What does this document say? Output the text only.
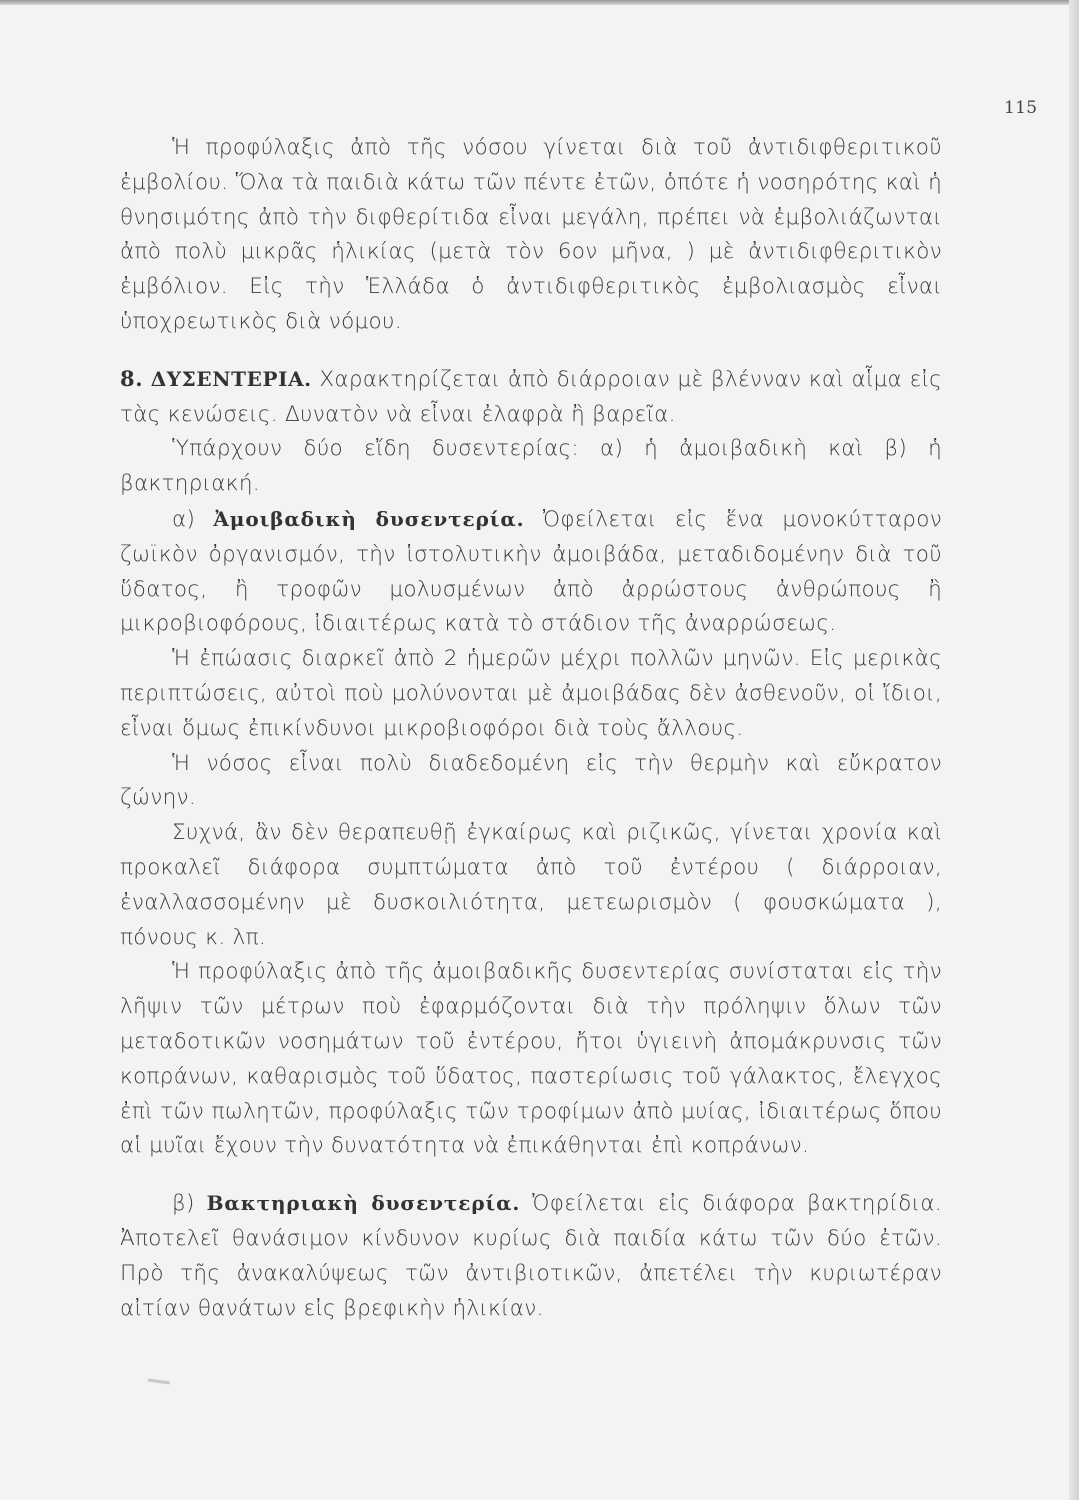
115

Ἡ προφύλαξις ἀπὸ τῆς νόσου γίνεται διὰ τοῦ ἀντιδιφθεριτικοῦ ἐμβολίου. Ὅλα τὰ παιδιὰ κάτω τῶν πέντε ἐτῶν, ὁπότε ἡ νοσηρότης καὶ ἡ θνησιμότης ἀπὸ τὴν διφθερίτιδα εἶναι μεγάλη, πρέπει νὰ ἐμβολιάζωνται ἀπὸ πολὺ μικρᾶς ἡλικίας (μετὰ τὸν 6ον μῆνα, ) μὲ ἀντιδιφθεριτικὸν ἐμβόλιον. Εἰς τὴν Ἑλλάδα ὁ ἀντιδιφθεριτικὸς ἐμβολιασμὸς εἶναι ὑποχρεωτικὸς διὰ νόμου.

8. ΔΥΣΕΝΤΕΡΙΑ. Χαρακτηρίζεται ἀπὸ διάρροιαν μὲ βλένναν καὶ αἷμα εἰς τὰς κενώσεις. Δυνατὸν νὰ εἶναι ἐλαφρὰ ἢ βαρεῖα.

Ὑπάρχουν δύο εἴδη δυσεντερίας: α) ἡ ἀμοιβαδικὴ καὶ β) ἡ βακτηριακή.

α) Ἀμοιβαδικὴ δυσεντερία. Ὀφείλεται εἰς ἕνα μονοκύτταρον ζωϊκὸν ὀργανισμόν, τὴν ἱστολυτικὴν ἀμοιβάδα, μεταδιδομένην διὰ τοῦ ὕδατος, ἢ τροφῶν μολυσμένων ἀπὸ ἀρρώστους ἀνθρώπους ἢ μικροβιοφόρους, ἰδιαιτέρως κατὰ τὸ στάδιον τῆς ἀναρρώσεως.

Ἡ ἐπώασις διαρκεῖ ἀπὸ 2 ἡμερῶν μέχρι πολλῶν μηνῶν. Εἰς μερικὰς περιπτώσεις, αὐτοὶ ποὺ μολύνονται μὲ ἀμοιβάδας δὲν ἀσθενοῦν, οἱ ἴδιοι, εἶναι ὅμως ἐπικίνδυνοι μικροβιοφόροι διὰ τοὺς ἄλλους.

Ἡ νόσος εἶναι πολὺ διαδεδομένη εἰς τὴν θερμὴν καὶ εὔκρατον ζώνην.

Συχνά, ἂν δὲν θεραπευθῇ ἐγκαίρως καὶ ριζικῶς, γίνεται χρονία καὶ προκαλεῖ διάφορα συμπτώματα ἀπὸ τοῦ ἐντέρου ( διάρροιαν, ἐναλλασσομένην μὲ δυσκοιλιότητα, μετεωρισμὸν ( φουσκώματα ), πόνους κ. λπ.

Ἡ προφύλαξις ἀπὸ τῆς ἀμοιβαδικῆς δυσεντερίας συνίσταται εἰς τὴν λῆψιν τῶν μέτρων ποὺ ἐφαρμόζονται διὰ τὴν πρόληψιν ὅλων τῶν μεταδοτικῶν νοσημάτων τοῦ ἐντέρου, ἤτοι ὑγιεινὴ ἀπομάκρυνσις τῶν κοπράνων, καθαρισμὸς τοῦ ὕδατος, παστερίωσις τοῦ γάλακτος, ἔλεγχος ἐπὶ τῶν πωλητῶν, προφύλαξις τῶν τροφίμων ἀπὸ μυίας, ἰδιαιτέρως ὅπου αἱ μυῖαι ἔχουν τὴν δυνατότητα νὰ ἐπικάθηνται ἐπὶ κοπράνων.

β) Βακτηριακὴ δυσεντερία. Ὀφείλεται εἰς διάφορα βακτηρίδια. Ἀποτελεῖ θανάσιμον κίνδυνον κυρίως διὰ παιδία κάτω τῶν δύο ἐτῶν. Πρὸ τῆς ἀνακαλύψεως τῶν ἀντιβιοτικῶν, ἀπετέλει τὴν κυριωτέραν αἰτίαν θανάτων εἰς βρεφικὴν ἡλικίαν.
